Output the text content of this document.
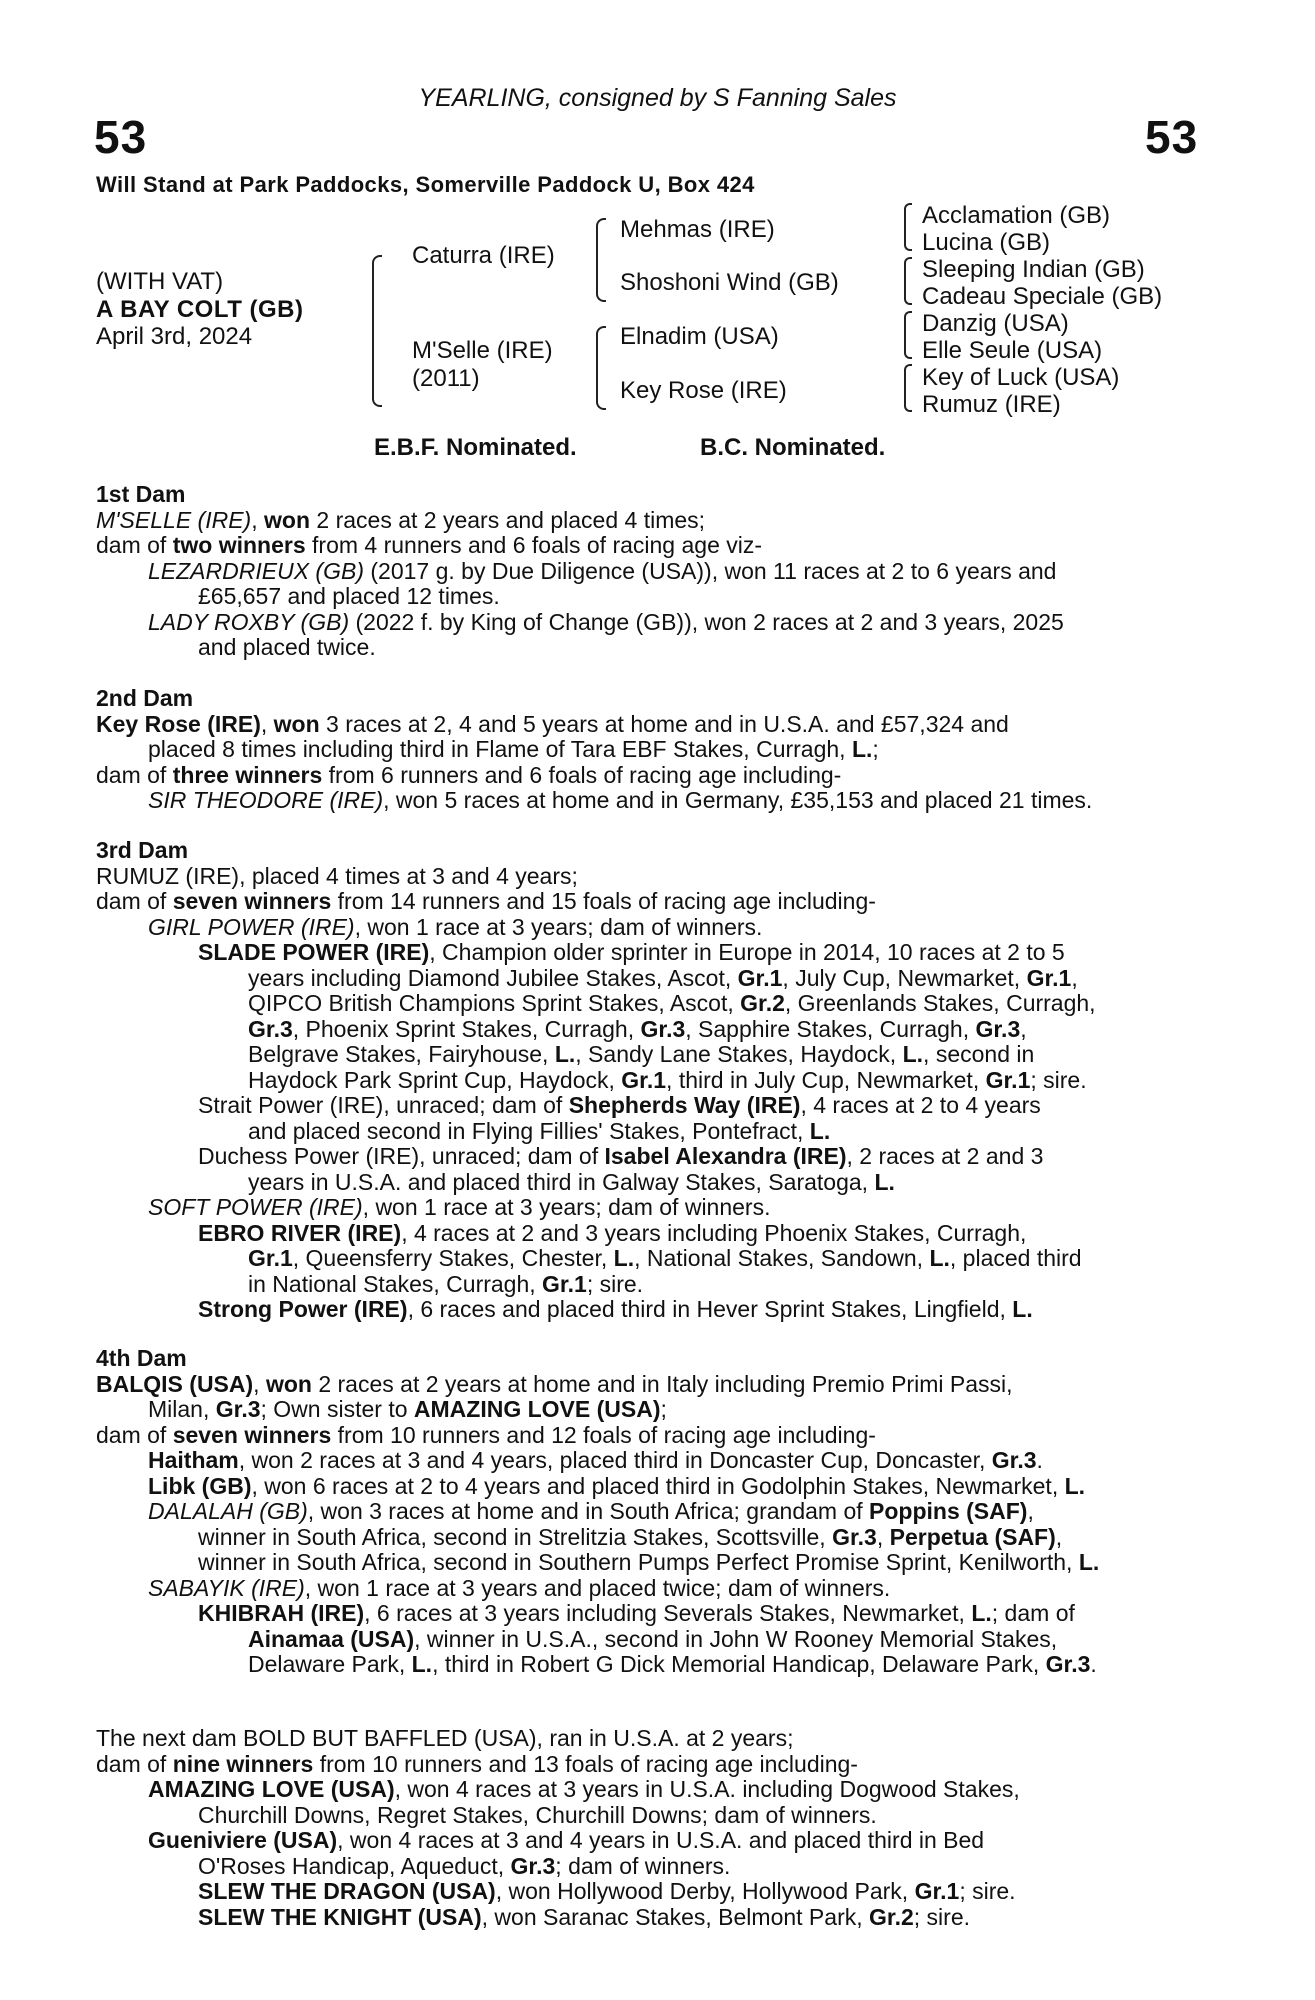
YEARLING, consigned by S Fanning Sales
53	53
Will Stand at Park Paddocks, Somerville Paddock U, Box 424
(WITH VAT)
A BAY COLT (GB)
April 3rd, 2024
Caturra (IRE)
M'Selle (IRE)
(2011)
Mehmas (IRE)
Shoshoni Wind (GB)
Elnadim (USA)
Key Rose (IRE)
Acclamation (GB)
Lucina (GB)
Sleeping Indian (GB)
Cadeau Speciale (GB)
Danzig (USA)
Elle Seule (USA)
Key of Luck (USA)
Rumuz (IRE)
E.B.F. Nominated.	B.C. Nominated.

1st Dam

M'SELLE (IRE), won 2 races at 2 years and placed 4 times;

dam of two winners from 4 runners and 6 foals of racing age viz-

LEZARDRIEUX (GB) (2017 g. by Due Diligence (USA)), won 11 races at 2 to 6 years and

£65,657 and placed 12 times.

LADY ROXBY (GB) (2022 f. by King of Change (GB)), won 2 races at 2 and 3 years, 2025

and placed twice.

2nd Dam

Key Rose (IRE), won 3 races at 2, 4 and 5 years at home and in U.S.A. and £57,324 and

placed 8 times including third in Flame of Tara EBF Stakes, Curragh, L.;

dam of three winners from 6 runners and 6 foals of racing age including-

SIR THEODORE (IRE), won 5 races at home and in Germany, £35,153 and placed 21 times.

3rd Dam

RUMUZ (IRE), placed 4 times at 3 and 4 years;

dam of seven winners from 14 runners and 15 foals of racing age including-

GIRL POWER (IRE), won 1 race at 3 years; dam of winners.

SLADE POWER (IRE), Champion older sprinter in Europe in 2014, 10 races at 2 to 5

years including Diamond Jubilee Stakes, Ascot, Gr.1, July Cup, Newmarket, Gr.1,

QIPCO British Champions Sprint Stakes, Ascot, Gr.2, Greenlands Stakes, Curragh,

Gr.3, Phoenix Sprint Stakes, Curragh, Gr.3, Sapphire Stakes, Curragh, Gr.3,

Belgrave Stakes, Fairyhouse, L., Sandy Lane Stakes, Haydock, L., second in

Haydock Park Sprint Cup, Haydock, Gr.1, third in July Cup, Newmarket, Gr.1; sire.

Strait Power (IRE), unraced; dam of Shepherds Way (IRE), 4 races at 2 to 4 years

and placed second in Flying Fillies' Stakes, Pontefract, L.

Duchess Power (IRE), unraced; dam of Isabel Alexandra (IRE), 2 races at 2 and 3

years in U.S.A. and placed third in Galway Stakes, Saratoga, L.

SOFT POWER (IRE), won 1 race at 3 years; dam of winners.

EBRO RIVER (IRE), 4 races at 2 and 3 years including Phoenix Stakes, Curragh,

Gr.1, Queensferry Stakes, Chester, L., National Stakes, Sandown, L., placed third

in National Stakes, Curragh, Gr.1; sire.

Strong Power (IRE), 6 races and placed third in Hever Sprint Stakes, Lingfield, L.

4th Dam

BALQIS (USA), won 2 races at 2 years at home and in Italy including Premio Primi Passi,

Milan, Gr.3; Own sister to AMAZING LOVE (USA);

dam of seven winners from 10 runners and 12 foals of racing age including-

Haitham, won 2 races at 3 and 4 years, placed third in Doncaster Cup, Doncaster, Gr.3.

Libk (GB), won 6 races at 2 to 4 years and placed third in Godolphin Stakes, Newmarket, L.

DALALAH (GB), won 3 races at home and in South Africa; grandam of Poppins (SAF),

winner in South Africa, second in Strelitzia Stakes, Scottsville, Gr.3, Perpetua (SAF),

winner in South Africa, second in Southern Pumps Perfect Promise Sprint, Kenilworth, L.

SABAYIK (IRE), won 1 race at 3 years and placed twice; dam of winners.

KHIBRAH (IRE), 6 races at 3 years including Severals Stakes, Newmarket, L.; dam of

Ainamaa (USA), winner in U.S.A., second in John W Rooney Memorial Stakes,

Delaware Park, L., third in Robert G Dick Memorial Handicap, Delaware Park, Gr.3.

The next dam BOLD BUT BAFFLED (USA), ran in U.S.A. at 2 years;

dam of nine winners from 10 runners and 13 foals of racing age including-

AMAZING LOVE (USA), won 4 races at 3 years in U.S.A. including Dogwood Stakes,

Churchill Downs, Regret Stakes, Churchill Downs; dam of winners.

Gueniviere (USA), won 4 races at 3 and 4 years in U.S.A. and placed third in Bed

O'Roses Handicap, Aqueduct, Gr.3; dam of winners.

SLEW THE DRAGON (USA), won Hollywood Derby, Hollywood Park, Gr.1; sire.

SLEW THE KNIGHT (USA), won Saranac Stakes, Belmont Park, Gr.2; sire.
